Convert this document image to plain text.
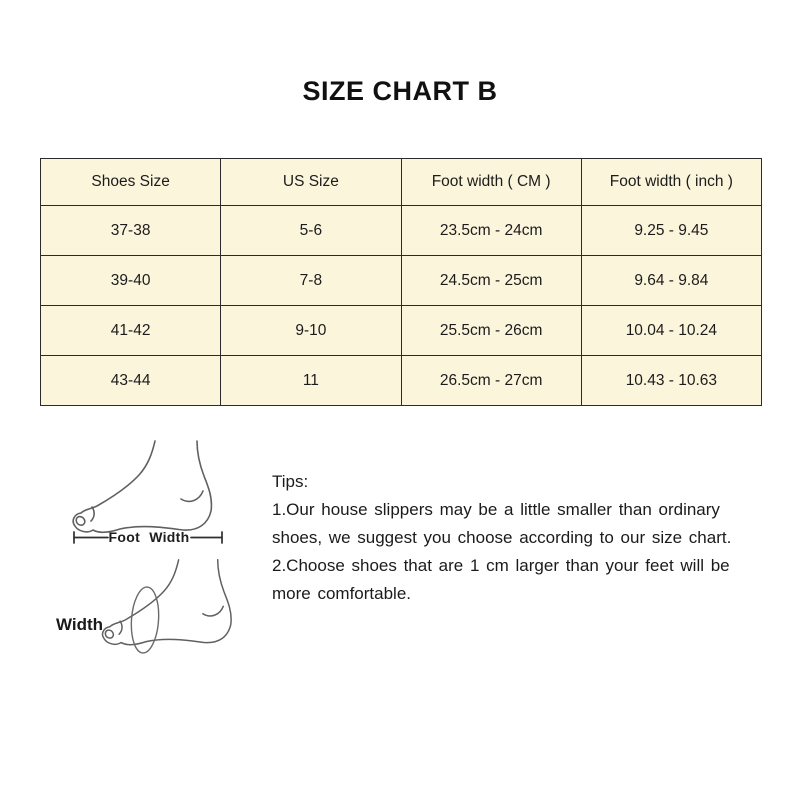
SIZE CHART B
Shoes Size	US Size	Foot width ( CM )	Foot width ( inch )
37-38	5-6	23.5cm - 24cm	9.25 - 9.45
39-40	7-8	24.5cm - 25cm	9.64 - 9.84
41-42	9-10	25.5cm - 26cm	10.04 - 10.24
43-44	11	26.5cm - 27cm	10.43 - 10.63
Foot Width
Width
Tips:
1.Our house slippers may be a little smaller than ordinary
shoes, we suggest you choose according to our size chart.
2.Choose shoes that are 1 cm larger than your feet will be
more comfortable.
